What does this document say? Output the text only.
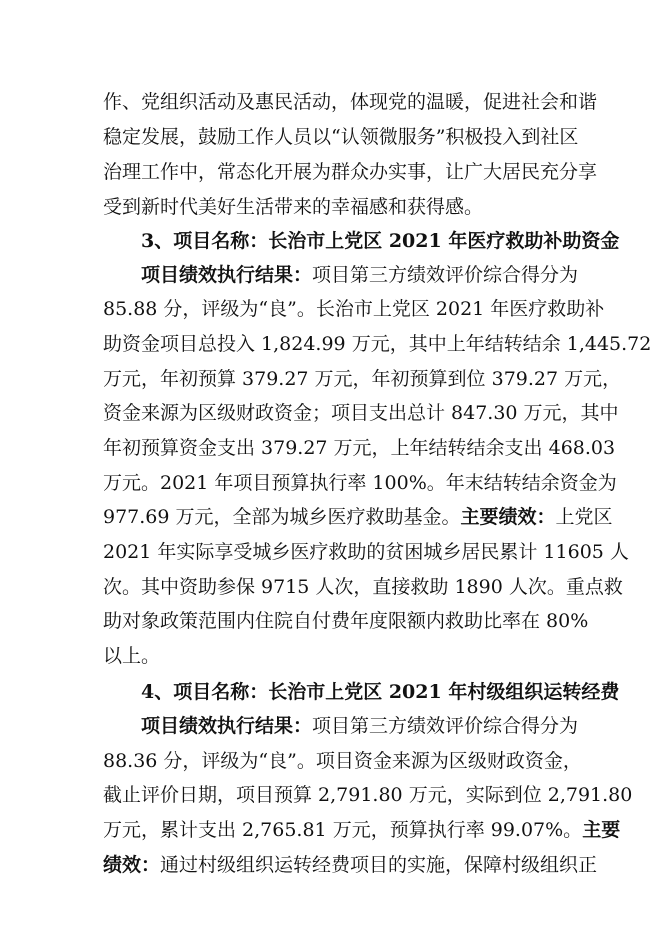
作、党组织活动及惠民活动，体现党的温暖，促进社会和谐
稳定发展，鼓励工作人员以“认领微服务”积极投入到社区
治理工作中，常态化开展为群众办实事，让广大居民充分享
受到新时代美好生活带来的幸福感和获得感。
3、项目名称：长治市上党区 2021 年医疗救助补助资金
项目绩效执行结果：项目第三方绩效评价综合得分为
85.88 分，评级为“良”。长治市上党区 2021 年医疗救助补
助资金项目总投入 1,824.99 万元，其中上年结转结余 1,445.72
万元，年初预算 379.27 万元，年初预算到位 379.27 万元，
资金来源为区级财政资金；项目支出总计 847.30 万元，其中
年初预算资金支出 379.27 万元，上年结转结余支出 468.03
万元。2021 年项目预算执行率 100%。年末结转结余资金为
977.69 万元，全部为城乡医疗救助基金。主要绩效：上党区
2021 年实际享受城乡医疗救助的贫困城乡居民累计 11605 人
次。其中资助参保 9715 人次，直接救助 1890 人次。重点救
助对象政策范围内住院自付费年度限额内救助比率在 80%
以上。
4、项目名称：长治市上党区 2021 年村级组织运转经费
项目绩效执行结果：项目第三方绩效评价综合得分为
88.36 分，评级为“良”。项目资金来源为区级财政资金，
截止评价日期，项目预算 2,791.80 万元，实际到位 2,791.80
万元，累计支出 2,765.81 万元，预算执行率 99.07%。主要
绩效：通过村级组织运转经费项目的实施，保障村级组织正
